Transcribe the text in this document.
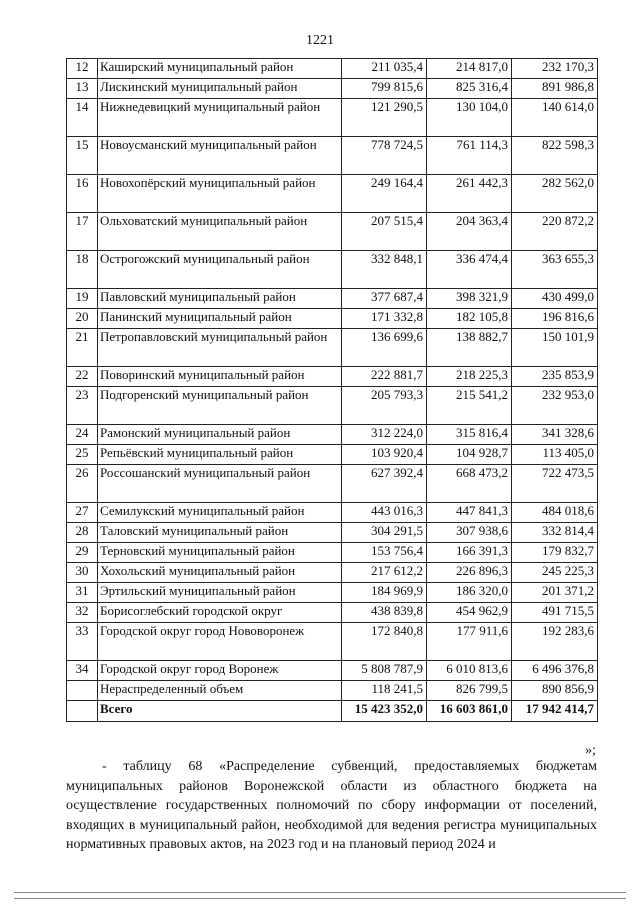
1221
12	Каширский муниципальный район	211 035,4	214 817,0	232 170,3
13	Лискинский муниципальный район	799 815,6	825 316,4	891 986,8
14	Нижнедевицкий муниципальный район	121 290,5	130 104,0	140 614,0
15	Новоусманский муниципальный район	778 724,5	761 114,3	822 598,3
16	Новохопёрский муниципальный район	249 164,4	261 442,3	282 562,0
17	Ольховатский муниципальный район	207 515,4	204 363,4	220 872,2
18	Острогожский муниципальный район	332 848,1	336 474,4	363 655,3
19	Павловский муниципальный район	377 687,4	398 321,9	430 499,0
20	Панинский муниципальный район	171 332,8	182 105,8	196 816,6
21	Петропавловский муниципальный район	136 699,6	138 882,7	150 101,9
22	Поворинский муниципальный район	222 881,7	218 225,3	235 853,9
23	Подгоренский муниципальный район	205 793,3	215 541,2	232 953,0
24	Рамонский муниципальный район	312 224,0	315 816,4	341 328,6
25	Репьёвский муниципальный район	103 920,4	104 928,7	113 405,0
26	Россошанский муниципальный район	627 392,4	668 473,2	722 473,5
27	Семилукский муниципальный район	443 016,3	447 841,3	484 018,6
28	Таловский муниципальный район	304 291,5	307 938,6	332 814,4
29	Терновский муниципальный район	153 756,4	166 391,3	179 832,7
30	Хохольский муниципальный район	217 612,2	226 896,3	245 225,3
31	Эртильский муниципальный район	184 969,9	186 320,0	201 371,2
32	Борисоглебский городской округ	438 839,8	454 962,9	491 715,5
33	Городской округ город Нововоронеж	172 840,8	177 911,6	192 283,6
34	Городской округ город Воронеж	5 808 787,9	6 010 813,6	6 496 376,8
	Нераспределенный объем	118 241,5	826 799,5	890 856,9
	Всего	15 423 352,0	16 603 861,0	17 942 414,7
»;

- таблицу 68 «Распределение субвенций, предоставляемых бюджетам муниципальных районов Воронежской области из областного бюджета на осуществление государственных полномочий по сбору информации от поселений, входящих в муниципальный район, необходимой для ведения регистра муниципальных нормативных правовых актов, на 2023 год и на плановый период 2024 и
